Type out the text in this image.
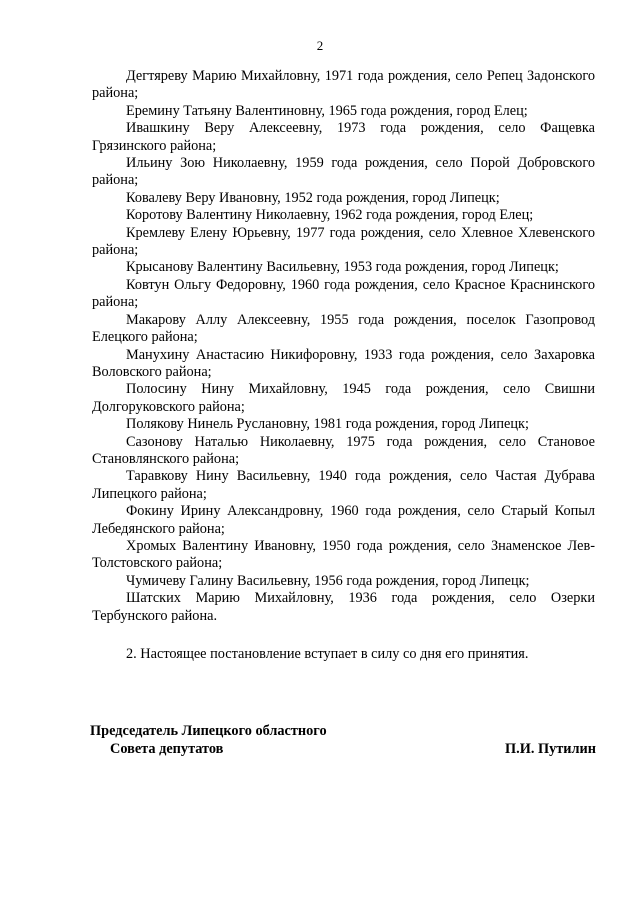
2

Дегтяреву Марию Михайловну, 1971 года рождения, село Репец Задонского района;

Еремину Татьяну Валентиновну, 1965 года рождения, город Елец;

Ивашкину Веру Алексеевну, 1973 года рождения, село Фащевка Грязинского района;

Ильину Зою Николаевну, 1959 года рождения, село Порой Добровского района;

Ковалеву Веру Ивановну, 1952 года рождения, город Липецк;

Коротову Валентину Николаевну, 1962 года рождения, город Елец;

Кремлеву Елену Юрьевну, 1977 года рождения, село Хлевное Хлевенского района;

Крысанову Валентину Васильевну, 1953 года рождения, город Липецк;

Ковтун Ольгу Федоровну, 1960 года рождения, село Красное Краснинского района;

Макарову Аллу Алексеевну, 1955 года рождения, поселок Газопровод Елецкого района;

Манухину Анастасию Никифоровну, 1933 года рождения, село Захаровка Воловского района;

Полосину Нину Михайловну, 1945 года рождения, село Свишни Долгоруковского района;

Полякову Нинель Руслановну, 1981 года рождения, город Липецк;

Сазонову Наталью Николаевну, 1975 года рождения, село Становое Становлянского района;

Таравкову Нину Васильевну, 1940 года рождения, село Частая Дубрава Липецкого района;

Фокину Ирину Александровну, 1960 года рождения, село Старый Копыл Лебедянского района;

Хромых Валентину Ивановну, 1950 года рождения, село Знаменское Лев-Толстовского района;

Чумичеву Галину Васильевну, 1956 года рождения, город Липецк;

Шатских Марию Михайловну, 1936 года рождения, село Озерки Тербунского района.

2. Настоящее постановление вступает в силу со дня его принятия.

Председатель Липецкого областного
Совета депутатов	П.И. Путилин
